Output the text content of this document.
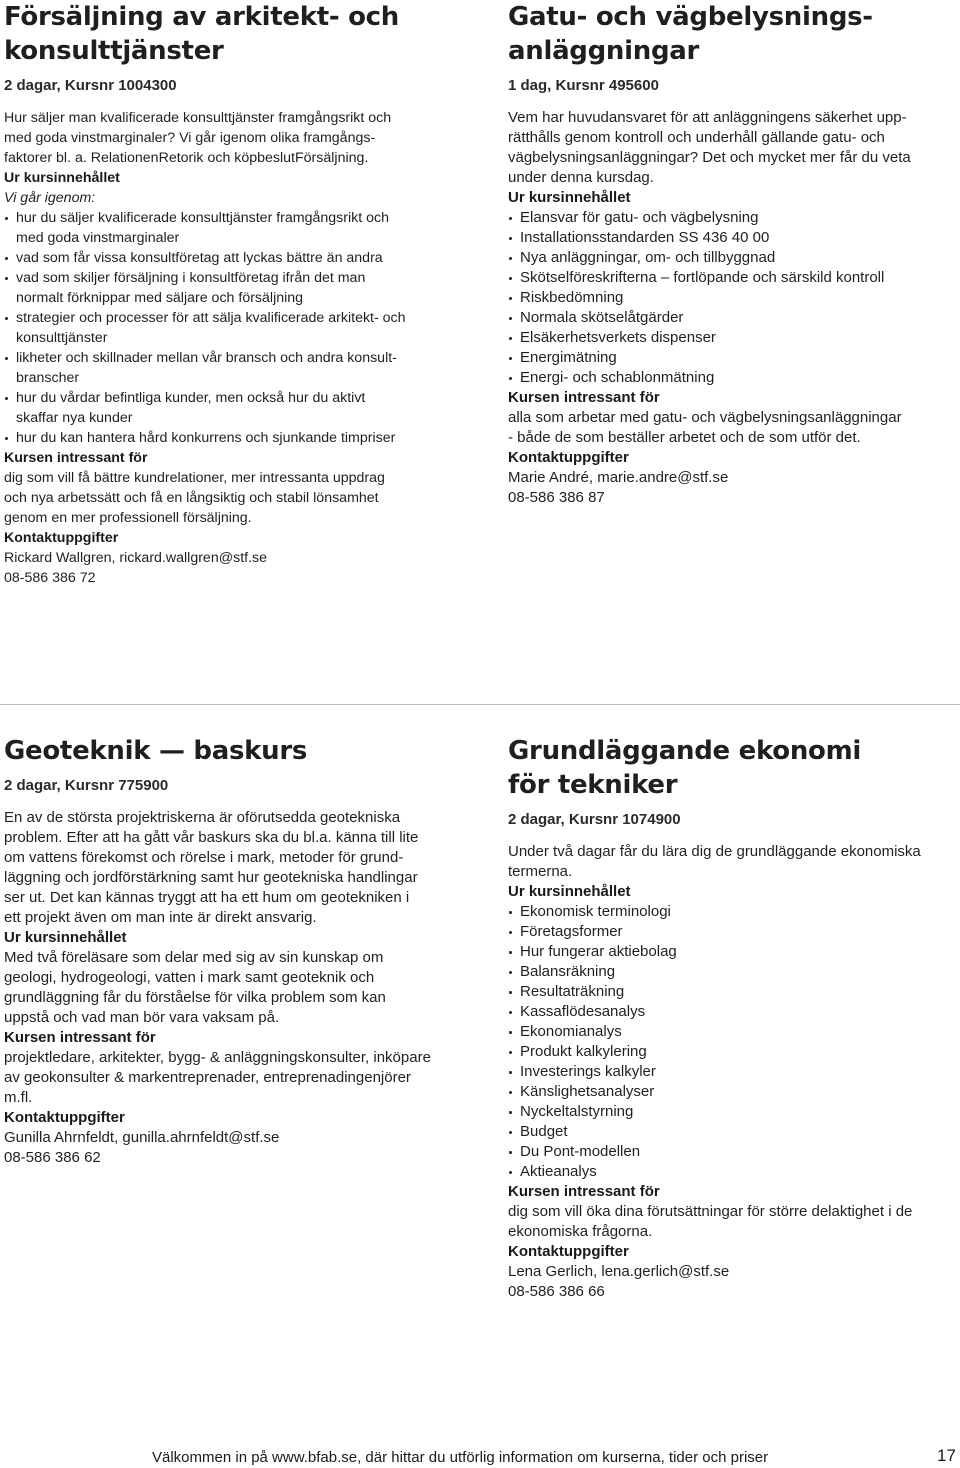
Försäljning av arkitekt- och
konsulttjänster
2 dagar, Kursnr 1004300
Hur säljer man kvalificerade konsulttjänster framgångsrikt och
med goda vinstmarginaler? Vi går igenom olika framgångs-
faktorer bl. a. RelationenRetorik och köpbeslutFörsäljning.
Ur kursinnehållet
Vi går igenom:
hur du säljer kvalificerade konsulttjänster framgångsrikt och
med goda vinstmarginaler
vad som får vissa konsultföretag att lyckas bättre än andra
vad som skiljer försäljning i konsultföretag ifrån det man
normalt förknippar med säljare och försäljning
strategier och processer för att sälja kvalificerade arkitekt- och
konsulttjänster
likheter och skillnader mellan vår bransch och andra konsult-
branscher
hur du vårdar befintliga kunder, men också hur du aktivt
skaffar nya kunder
hur du kan hantera hård konkurrens och sjunkande timpriser
Kursen intressant för
dig som vill få bättre kundrelationer, mer intressanta uppdrag
och nya arbetssätt och få en långsiktig och stabil lönsamhet
genom en mer professionell försäljning.
Kontaktuppgifter
Rickard Wallgren, rickard.wallgren@stf.se
08-586 386 72
Gatu- och vägbelysnings-
anläggningar
1 dag, Kursnr 495600
Vem har huvudansvaret för att anläggningens säkerhet upp-
rätthålls genom kontroll och underhåll gällande gatu- och
vägbelysningsanläggningar? Det och mycket mer får du veta
under denna kursdag.
Ur kursinnehållet
Elansvar för gatu- och vägbelysning
Installationsstandarden SS 436 40 00
Nya anläggningar, om- och tillbyggnad
Skötselföreskrifterna – fortlöpande och särskild kontroll
Riskbedömning
Normala skötselåtgärder
Elsäkerhetsverkets dispenser
Energimätning
Energi- och schablonmätning
Kursen intressant för
alla som arbetar med gatu- och vägbelysningsanläggningar
- både de som beställer arbetet och de som utför det.
Kontaktuppgifter
Marie André, marie.andre@stf.se
08-586 386 87
Geoteknik — baskurs
2 dagar, Kursnr 775900
En av de största projektriskerna är oförutsedda geotekniska
problem. Efter att ha gått vår baskurs ska du bl.a. känna till lite
om vattens förekomst och rörelse i mark, metoder för grund-
läggning och jordförstärkning samt hur geotekniska handlingar
ser ut. Det kan kännas tryggt att ha ett hum om geotekniken i
ett projekt även om man inte är direkt ansvarig.
Ur kursinnehållet
Med två föreläsare som delar med sig av sin kunskap om
geologi, hydrogeologi, vatten i mark samt geoteknik och
grundläggning får du förståelse för vilka problem som kan
uppstå och vad man bör vara vaksam på.
Kursen intressant för
projektledare, arkitekter, bygg- & anläggningskonsulter, inköpare
av geokonsulter & markentreprenader, entreprenadingenjörer
m.fl.
Kontaktuppgifter
Gunilla Ahrnfeldt, gunilla.ahrnfeldt@stf.se
08-586 386 62
Grundläggande ekonomi
för tekniker
2 dagar, Kursnr 1074900
Under två dagar får du lära dig de grundläggande ekonomiska
termerna.
Ur kursinnehållet
Ekonomisk terminologi
Företagsformer
Hur fungerar aktiebolag
Balansräkning
Resultaträkning
Kassaflödesanalys
Ekonomianalys
Produkt kalkylering
Investerings kalkyler
Känslighetsanalyser
Nyckeltalstyrning
Budget
Du Pont-modellen
Aktieanalys
Kursen intressant för
dig som vill öka dina förutsättningar för större delaktighet i de
ekonomiska frågorna.
Kontaktuppgifter
Lena Gerlich, lena.gerlich@stf.se
08-586 386 66
Välkommen in på www.bfab.se, där hittar du utförlig information om kurserna, tider och priser	17
